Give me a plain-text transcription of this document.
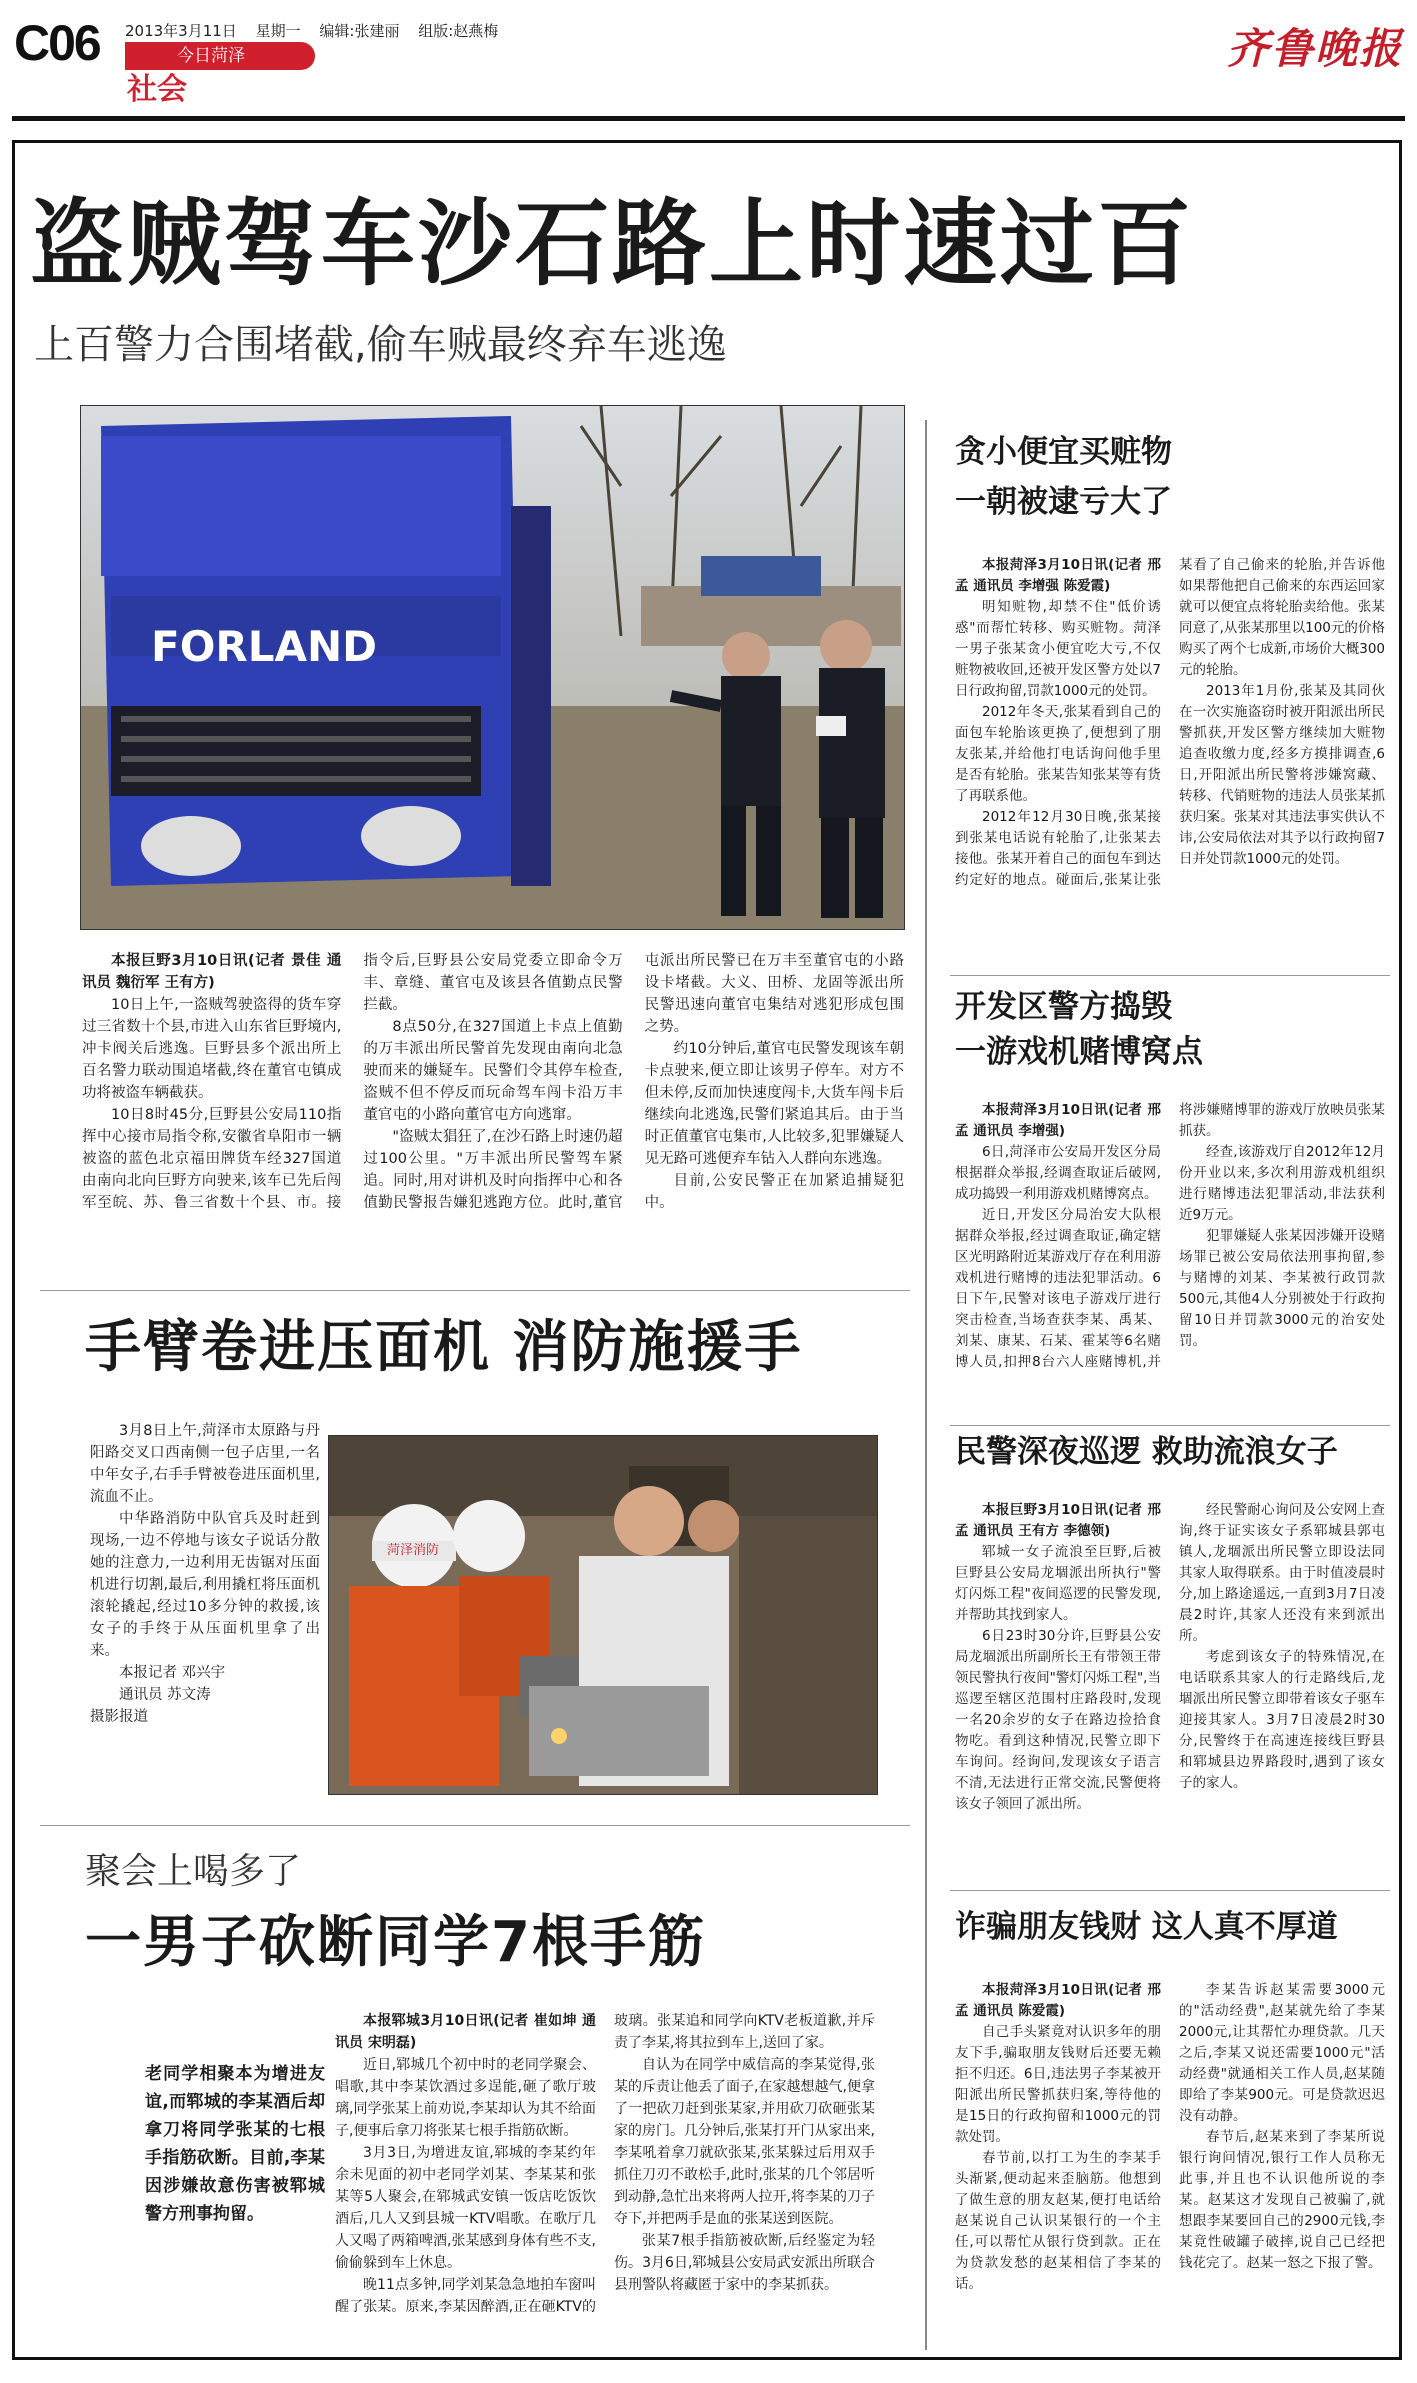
C06 2013年3月11日 星期一 编辑:张建丽 组版:赵燕梅
今日菏泽
社会
齐鲁晚报
盗贼驾车沙石路上时速过百
上百警力合围堵截,偷车贼最终弃车逃逸
FORLAND

本报巨野3月10日讯(记者 景佳 通讯员 魏衍军 王有方)

10日上午,一盗贼驾驶盗得的货车穿过三省数十个县,市进入山东省巨野境内,冲卡阀关后逃逸。巨野县多个派出所上百名警力联动围追堵截,终在董官屯镇成功将被盗车辆截获。

10日8时45分,巨野县公安局110指挥中心接市局指令称,安徽省阜阳市一辆被盗的蓝色北京福田牌货车经327国道由南向北向巨野方向驶来,该车已先后闯军至皖、苏、鲁三省数十个县、市。接指令后,巨野县公安局党委立即命令万丰、章缝、董官屯及该县各值勤点民警拦截。

8点50分,在327国道上卡点上值勤的万丰派出所民警首先发现由南向北急驶而来的嫌疑车。民警们令其停车检查,盗贼不但不停反而玩命驾车闯卡沿万丰董官屯的小路向董官屯方向逃窜。

"盗贼太猖狂了,在沙石路上时速仍超过100公里。"万丰派出所民警驾车紧追。同时,用对讲机及时向指挥中心和各值勤民警报告嫌犯逃跑方位。此时,董官屯派出所民警已在万丰至董官屯的小路设卡堵截。大义、田桥、龙固等派出所民警迅速向董官屯集结对逃犯形成包围之势。

约10分钟后,董官屯民警发现该车朝卡点驶来,便立即让该男子停车。对方不但未停,反而加快速度闯卡,大货车闯卡后继续向北逃逸,民警们紧追其后。由于当时正值董官屯集市,人比较多,犯罪嫌疑人见无路可逃便弃车钻入人群向东逃逸。

目前,公安民警正在加紧追捕疑犯中。

手臂卷进压面机 消防施援手

3月8日上午,菏泽市太原路与丹阳路交叉口西南侧一包子店里,一名中年女子,右手手臂被卷进压面机里,流血不止。

中华路消防中队官兵及时赶到现场,一边不停地与该女子说话分散她的注意力,一边利用无齿锯对压面机进行切割,最后,利用撬杠将压面机滚轮撬起,经过10多分钟的救援,该女子的手终于从压面机里拿了出来。

本报记者 邓兴宇

通讯员 苏文涛

摄影报道

菏泽消防
聚会上喝多了
一男子砍断同学7根手筋
老同学相聚本为增进友谊,而郓城的李某酒后却拿刀将同学张某的七根手指筋砍断。目前,李某因涉嫌故意伤害被郓城警方刑事拘留。

本报郓城3月10日讯(记者 崔如坤 通讯员 宋明磊)

近日,郓城几个初中时的老同学聚会、唱歌,其中李某饮酒过多逞能,砸了歌厅玻璃,同学张某上前劝说,李某却认为其不给面子,便事后拿刀将张某七根手指筋砍断。

3月3日,为增进友谊,郓城的李某约年余未见面的初中老同学刘某、李某某和张某等5人聚会,在郓城武安镇一饭店吃饭饮酒后,几人又到县城一KTV唱歌。在歌厅几人又喝了两箱啤酒,张某感到身体有些不支,偷偷躲到车上休息。

晚11点多钟,同学刘某急急地拍车窗叫醒了张某。原来,李某因醉酒,正在砸KTV的玻璃。张某追和同学向KTV老板道歉,并斥责了李某,将其拉到车上,送回了家。

自认为在同学中威信高的李某觉得,张某的斥责让他丢了面子,在家越想越气,便拿了一把砍刀赶到张某家,并用砍刀砍砸张某家的房门。几分钟后,张某打开门从家出来,李某吼着拿刀就砍张某,张某躲过后用双手抓住刀刃不敢松手,此时,张某的几个邻居听到动静,急忙出来将两人拉开,将李某的刀子夺下,并把两手是血的张某送到医院。

张某7根手指筋被砍断,后经鉴定为轻伤。3月6日,郓城县公安局武安派出所联合县刑警队将藏匿于家中的李某抓获。

贪小便宜买赃物
一朝被逮亏大了

本报菏泽3月10日讯(记者 邢孟 通讯员 李增强 陈爱霞)

明知赃物,却禁不住"低价诱惑"而帮忙转移、购买赃物。菏泽一男子张某贪小便宜吃大亏,不仅赃物被收回,还被开发区警方处以7日行政拘留,罚款1000元的处罚。

2012年冬天,张某看到自己的面包车轮胎该更换了,便想到了朋友张某,并给他打电话询问他手里是否有轮胎。张某告知张某等有货了再联系他。

2012年12月30日晚,张某接到张某电话说有轮胎了,让张某去接他。张某开着自己的面包车到达约定好的地点。碰面后,张某让张某看了自己偷来的轮胎,并告诉他如果帮他把自己偷来的东西运回家就可以便宜点将轮胎卖给他。张某同意了,从张某那里以100元的价格购买了两个七成新,市场价大概300元的轮胎。

2013年1月份,张某及其同伙在一次实施盗窃时被开阳派出所民警抓获,开发区警方继续加大赃物追查收缴力度,经多方摸排调查,6日,开阳派出所民警将涉嫌窝藏、转移、代销赃物的违法人员张某抓获归案。张某对其违法事实供认不讳,公安局依法对其予以行政拘留7日并处罚款1000元的处罚。

开发区警方捣毁
一游戏机赌博窝点

本报菏泽3月10日讯(记者 邢孟 通讯员 李增强)

6日,菏泽市公安局开发区分局根据群众举报,经调查取证后破网,成功捣毁一利用游戏机赌博窝点。

近日,开发区分局治安大队根据群众举报,经过调查取证,确定辖区光明路附近某游戏厅存在利用游戏机进行赌博的违法犯罪活动。6日下午,民警对该电子游戏厅进行突击检查,当场查获李某、禹某、刘某、康某、石某、霍某等6名赌博人员,扣押8台六人座赌博机,并将涉嫌赌博罪的游戏厅放映员张某抓获。

经查,该游戏厅自2012年12月份开业以来,多次利用游戏机组织进行赌博违法犯罪活动,非法获利近9万元。

犯罪嫌疑人张某因涉嫌开设赌场罪已被公安局依法刑事拘留,参与赌博的刘某、李某被行政罚款500元,其他4人分别被处于行政拘留10日并罚款3000元的治安处罚。

民警深夜巡逻 救助流浪女子

本报巨野3月10日讯(记者 邢孟 通讯员 王有方 李德领)

郓城一女子流浪至巨野,后被巨野县公安局龙堌派出所执行"警灯闪烁工程"夜间巡逻的民警发现,并帮助其找到家人。

6日23时30分许,巨野县公安局龙堌派出所副所长王有带领王带领民警执行夜间"警灯闪烁工程",当巡逻至辖区范围村庄路段时,发现一名20余岁的女子在路边捡拾食物吃。看到这种情况,民警立即下车询问。经询问,发现该女子语言不清,无法进行正常交流,民警便将该女子领回了派出所。

经民警耐心询问及公安网上查询,终于证实该女子系郓城县郭屯镇人,龙堌派出所民警立即设法同其家人取得联系。由于时值凌晨时分,加上路途遥远,一直到3月7日凌晨2时许,其家人还没有来到派出所。

考虑到该女子的特殊情况,在电话联系其家人的行走路线后,龙堌派出所民警立即带着该女子驱车迎接其家人。3月7日凌晨2时30分,民警终于在高速连接线巨野县和郓城县边界路段时,遇到了该女子的家人。

诈骗朋友钱财 这人真不厚道

本报菏泽3月10日讯(记者 邢孟 通讯员 陈爱霞)

自己手头紧竟对认识多年的朋友下手,骗取朋友钱财后还要无赖拒不归还。6日,违法男子李某被开阳派出所民警抓获归案,等待他的是15日的行政拘留和1000元的罚款处罚。

春节前,以打工为生的李某手头渐紧,便动起来歪脑筋。他想到了做生意的朋友赵某,便打电话给赵某说自己认识某银行的一个主任,可以帮忙从银行贷到款。正在为贷款发愁的赵某相信了李某的话。

李某告诉赵某需要3000元的"活动经费",赵某就先给了李某2000元,让其帮忙办理贷款。几天之后,李某又说还需要1000元"活动经费"就通相关工作人员,赵某随即给了李某900元。可是贷款迟迟没有动静。

春节后,赵某来到了李某所说银行询问情况,银行工作人员称无此事,并且也不认识他所说的李某。赵某这才发现自己被骗了,就想跟李某要回自己的2900元钱,李某竟性破罐子破摔,说自己已经把钱花完了。赵某一怒之下报了警。
